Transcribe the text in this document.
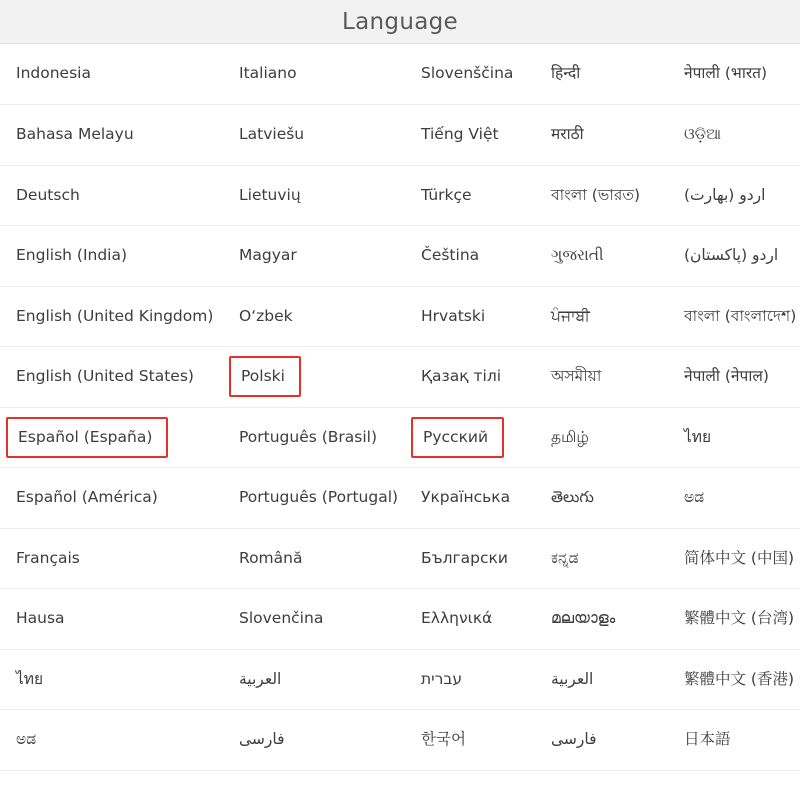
Language
Indonesia	Italiano	Slovenščina	हिन्दी	नेपाली (भारत)
Bahasa Melayu	Latviešu	Tiếng Việt	मराठी	ଓଡ଼ିଆ
Deutsch	Lietuvių	Türkçe	বাংলা (ভারত)	اردو (بھارت)
English (India)	Magyar	Čeština	ગુજરાતી	اردو (پاکستان)
English (United Kingdom)	O‘zbek	Hrvatski	ਪੰਜਾਬੀ	বাংলা (বাংলাদেশ)
English (United States)	Polski	Қазақ тілі	অসমীয়া	नेपाली (नेपाल)
Español (España)	Português (Brasil)	Русский	தமிழ்	ไทย
Español (América)	Português (Portugal)	Українська	తెలుగు	ಅಡ
Français	Română	Български	ಕನ್ನಡ	简体中文 (中国)
Hausa	Slovenčina	Ελληνικά	മലയാളം	繁體中文 (台湾)
ไทย	العربية	עברית	العربية	繁體中文 (香港)
ಅಡ	فارسی	한국어	فارسی	日本語
